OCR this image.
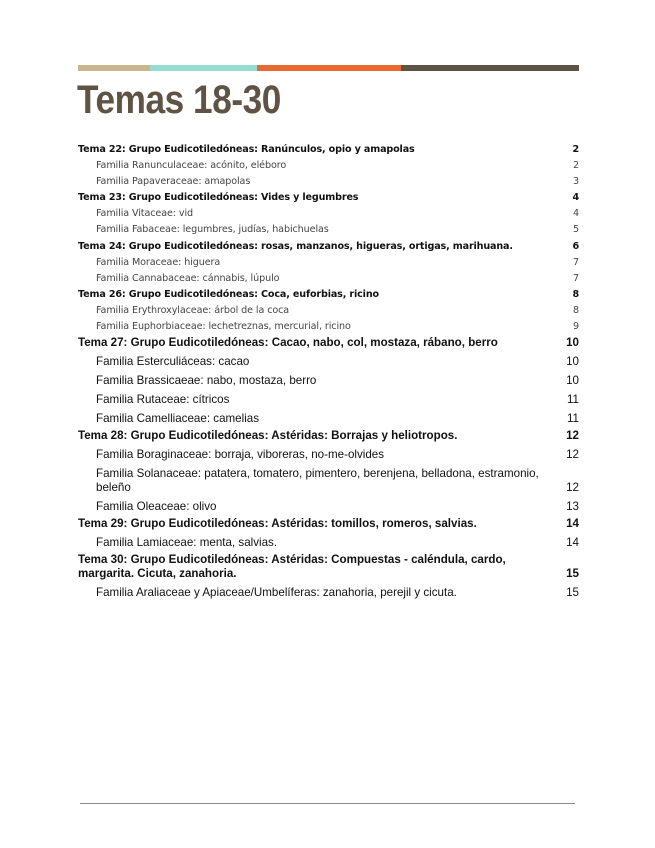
Temas 18-30
Tema 22: Grupo Eudicotiledóneas: Ranúnculos, opio y amapolas	2
Familia Ranunculaceae: acónito, eléboro	2
Familia Papaveraceae: amapolas	3
Tema 23: Grupo Eudicotiledóneas: Vides y legumbres	4
Familia Vitaceae: vid	4
Familia Fabaceae: legumbres, judías, habichuelas	5
Tema 24: Grupo Eudicotiledóneas: rosas, manzanos, higueras, ortigas, marihuana.	6
Familia Moraceae: higuera	7
Familia Cannabaceae: cánnabis, lúpulo	7
Tema 26: Grupo Eudicotiledóneas: Coca, euforbias, ricino	8
Familia Erythroxylaceae: árbol de la coca	8
Familia Euphorbiaceae: lechetreznas, mercurial, ricino	9
Tema 27: Grupo Eudicotiledóneas: Cacao, nabo, col, mostaza, rábano, berro	10
Familia Esterculiáceas: cacao	10
Familia Brassicaeae: nabo, mostaza, berro	10
Familia Rutaceae: cítricos	11
Familia Camelliaceae: camelias	11
Tema 28: Grupo Eudicotiledóneas: Astéridas: Borrajas y heliotropos.	12
Familia Boraginaceae: borraja, viboreras, no-me-olvides	12
Familia Solanaceae: patatera, tomatero, pimentero, berenjena, belladona, estramonio, beleño	12
Familia Oleaceae: olivo	13
Tema 29: Grupo Eudicotiledóneas: Astéridas: tomillos, romeros, salvias.	14
Familia Lamiaceae: menta, salvias.	14
Tema 30: Grupo Eudicotiledóneas: Astéridas: Compuestas - caléndula, cardo, margarita. Cicuta, zanahoria.	15
Familia Araliaceae y Apiaceae/Umbelíferas: zanahoria, perejil y cicuta.	15
